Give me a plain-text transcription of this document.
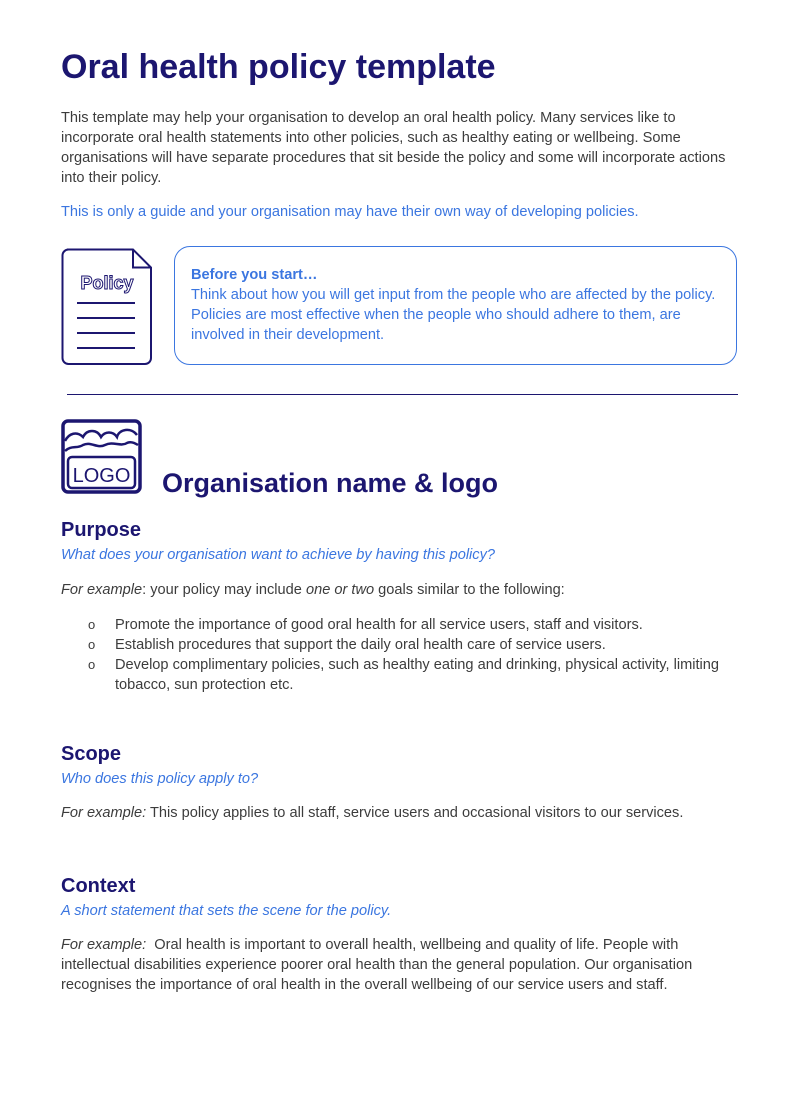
Oral health policy template

This template may help your organisation to develop an oral health policy. Many services like to incorporate oral health statements into other policies, such as healthy eating or wellbeing. Some organisations will have separate procedures that sit beside the policy and some will incorporate actions into their policy.

This is only a guide and your organisation may have their own way of developing policies.

Policy	Before you start…
Think about how you will get input from the people who are affected by the policy. Policies are most effective when the people who should adhere to them, are involved in their development.
LOGO Organisation name & logo
Purpose

What does your organisation want to achieve by having this policy?

For example: your policy may include one or two goals similar to the following:

o Promote the importance of good oral health for all service users, staff and visitors.
o Establish procedures that support the daily oral health care of service users.
o Develop complimentary policies, such as healthy eating and drinking, physical activity, limiting tobacco, sun protection etc.
Scope

Who does this policy apply to?

For example: This policy applies to all staff, service users and occasional visitors to our services.

Context

A short statement that sets the scene for the policy.

For example:  Oral health is important to overall health, wellbeing and quality of life. People with intellectual disabilities experience poorer oral health than the general population. Our organisation recognises the importance of oral health in the overall wellbeing of our service users and staff.
